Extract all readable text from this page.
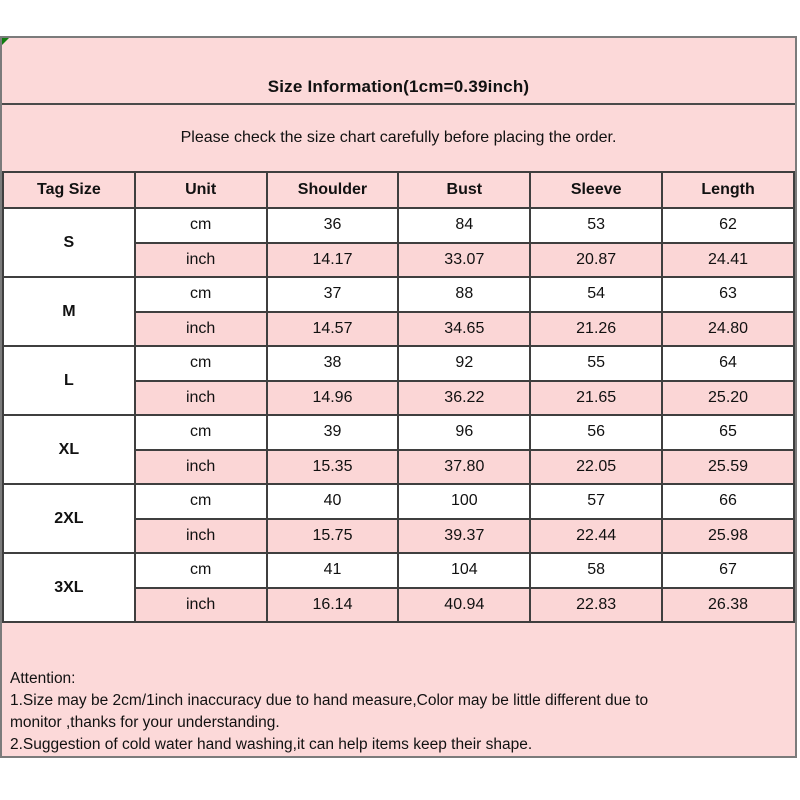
Size Information(1cm=0.39inch)
Please check the size chart carefully before placing the order.
Tag Size	Unit	Shoulder	Bust	Sleeve	Length
S	cm	36	84	53	62
	inch	14.17	33.07	20.87	24.41
M	cm	37	88	54	63
	inch	14.57	34.65	21.26	24.80
L	cm	38	92	55	64
	inch	14.96	36.22	21.65	25.20
XL	cm	39	96	56	65
	inch	15.35	37.80	22.05	25.59
2XL	cm	40	100	57	66
	inch	15.75	39.37	22.44	25.98
3XL	cm	41	104	58	67
	inch	16.14	40.94	22.83	26.38
Attention:
1.Size may be 2cm/1inch inaccuracy due to hand measure,Color may be little different due to
monitor ,thanks for your understanding.
2.Suggestion of cold water hand washing,it can help items keep their shape.
